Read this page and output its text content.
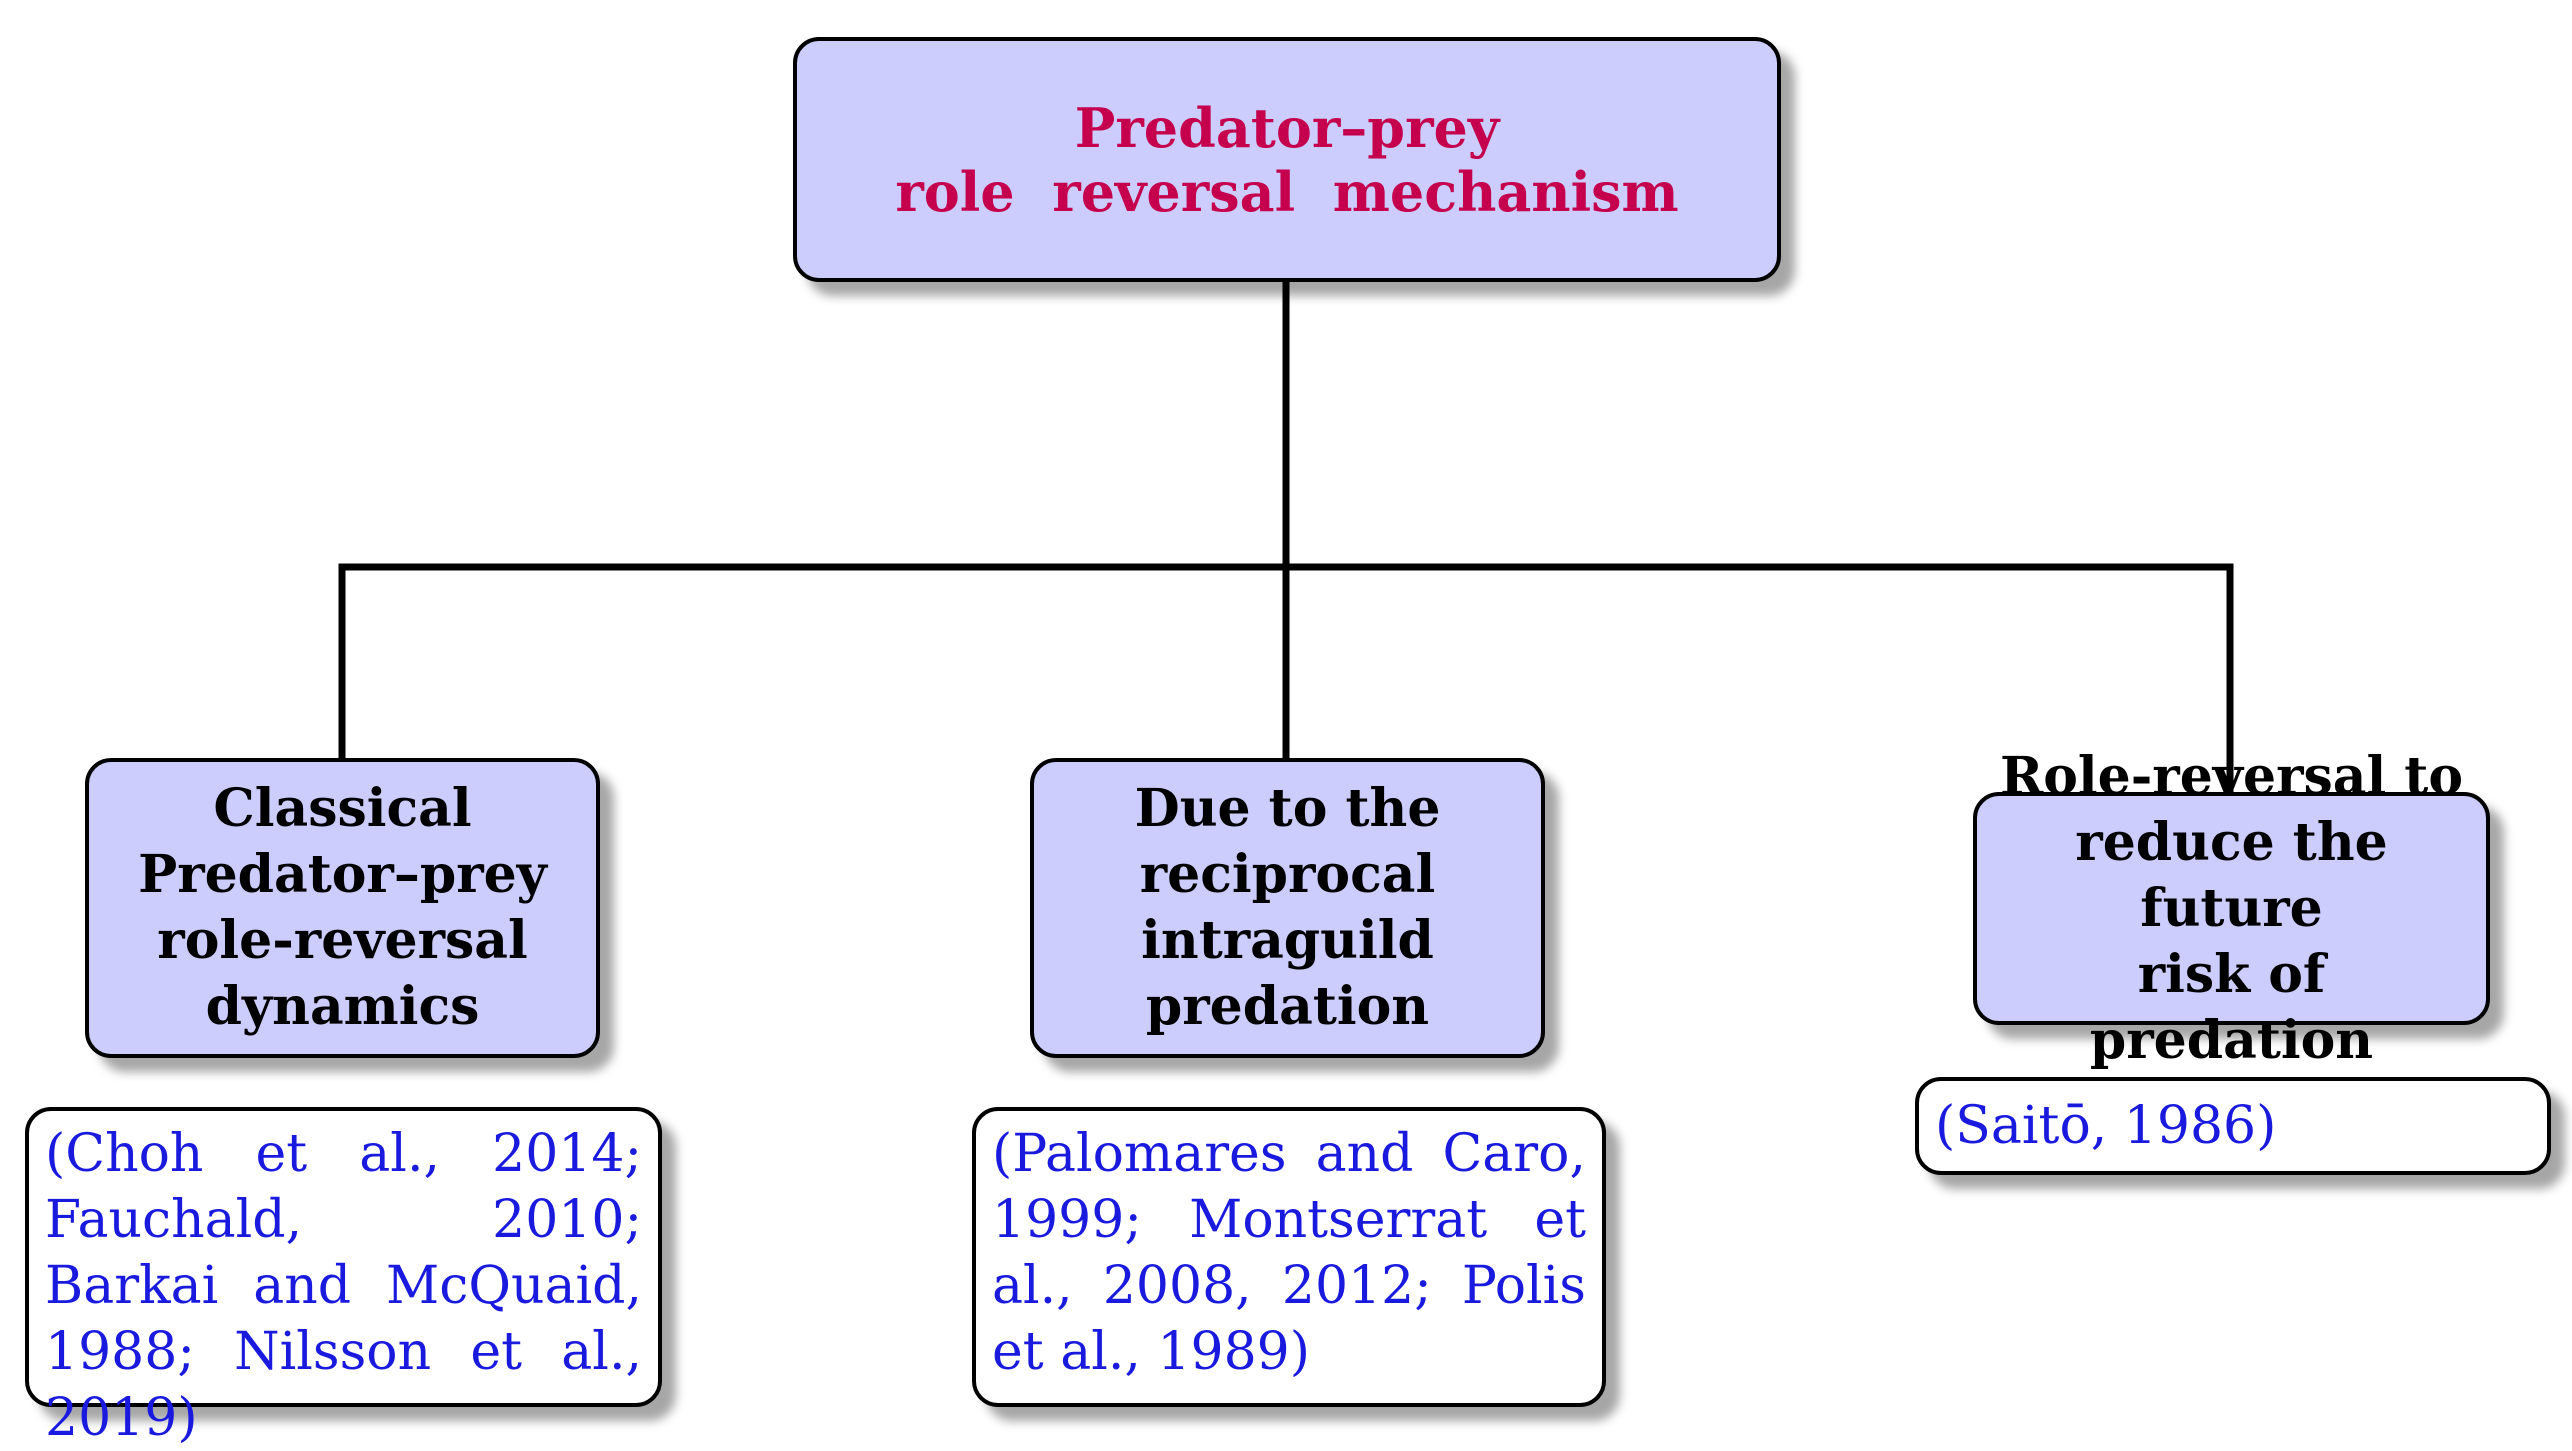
Predator–prey
role  reversal  mechanism
Classical
Predator–prey
role-reversal
dynamics
(Choh et al., 2014; Fauchald, 2010; Barkai and McQuaid, 1988; Nilsson et al., 2019)
Due to the
reciprocal
intraguild
predation
(Palomares and Caro, 1999; Montserrat et al., 2008, 2012; Polis et al., 1989)
Role-reversal to
reduce the future
risk of predation
(Saitō, 1986)
